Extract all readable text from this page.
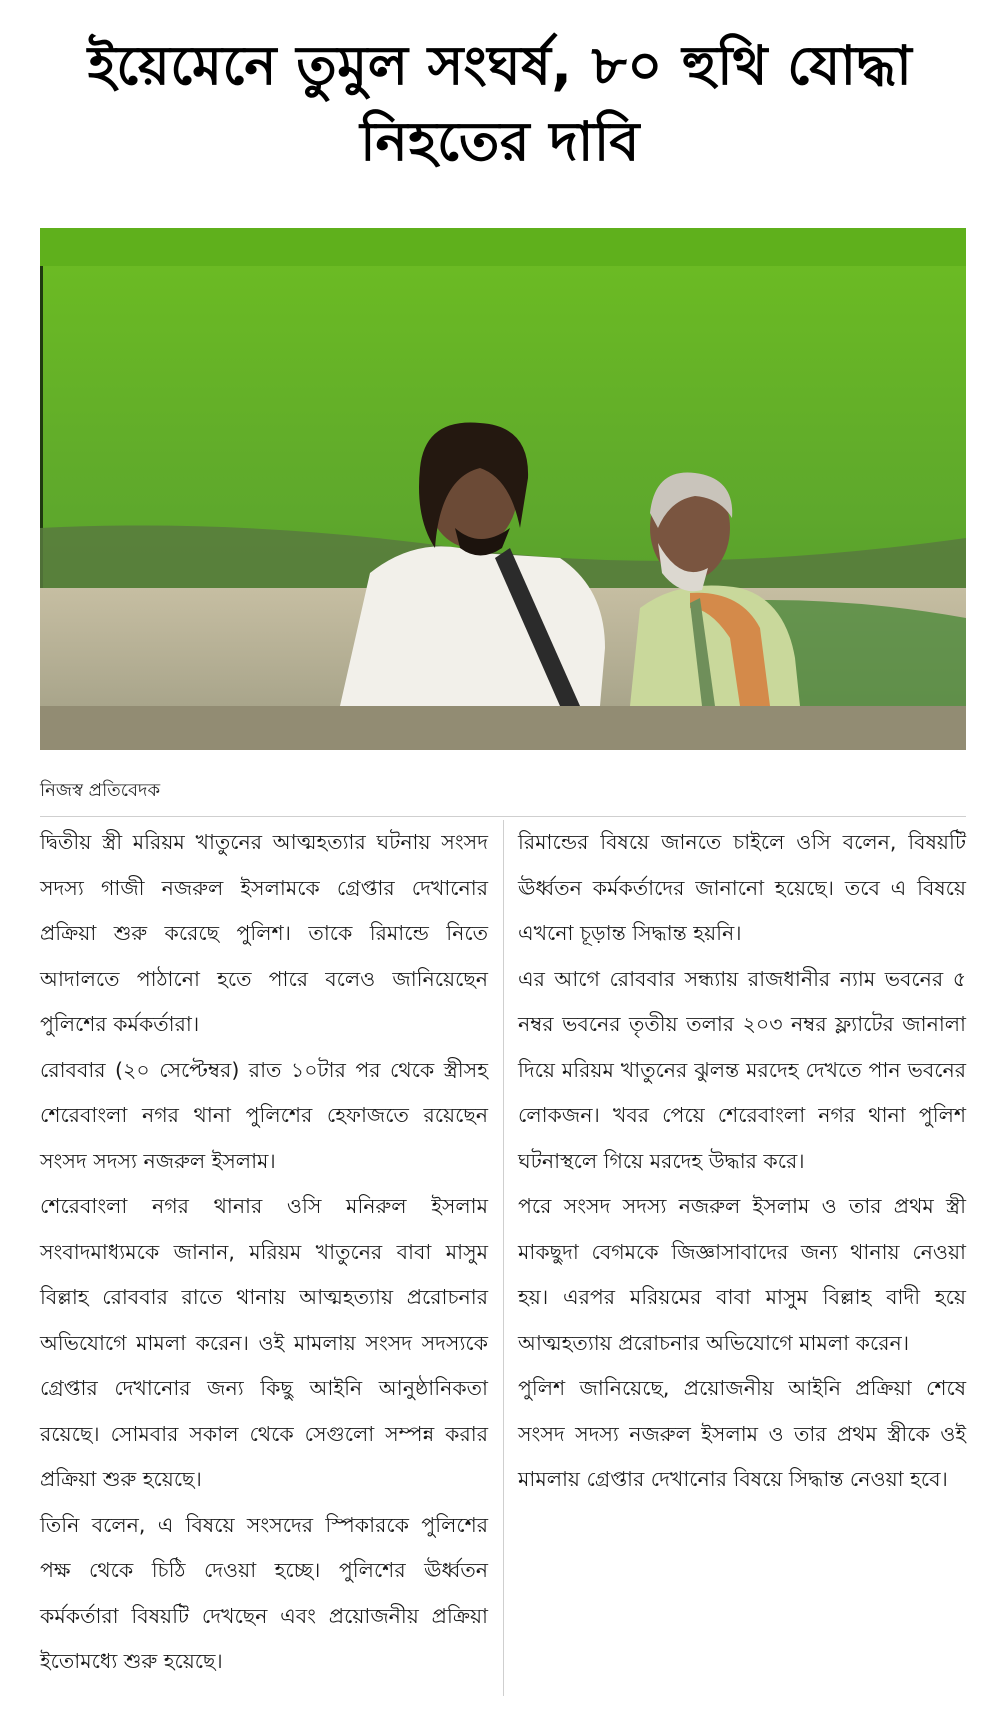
ইয়েমেনে তুমুল সংঘর্ষ, ৮০ হুথি যোদ্ধা
নিহতের দাবি
নিজস্ব প্রতিবেদক

দ্বিতীয় স্ত্রী মরিয়ম খাতুনের আত্মহত্যার ঘটনায় সংসদ সদস্য গাজী নজরুল ইসলামকে গ্রেপ্তার দেখানোর প্রক্রিয়া শুরু করেছে পুলিশ। তাকে রিমান্ডে নিতে আদালতে পাঠানো হতে পারে বলেও জানিয়েছেন পুলিশের কর্মকর্তারা।

রোববার (২০ সেপ্টেম্বর) রাত ১০টার পর থেকে স্ত্রীসহ শেরেবাংলা নগর থানা পুলিশের হেফাজতে রয়েছেন সংসদ সদস্য নজরুল ইসলাম।

শেরেবাংলা নগর থানার ওসি মনিরুল ইসলাম সংবাদমাধ্যমকে জানান, মরিয়ম খাতুনের বাবা মাসুম বিল্লাহ রোববার রাতে থানায় আত্মহত্যায় প্ররোচনার অভিযোগে মামলা করেন। ওই মামলায় সংসদ সদস্যকে গ্রেপ্তার দেখানোর জন্য কিছু আইনি আনুষ্ঠানিকতা রয়েছে। সোমবার সকাল থেকে সেগুলো সম্পন্ন করার প্রক্রিয়া শুরু হয়েছে।

তিনি বলেন, এ বিষয়ে সংসদের স্পিকারকে পুলিশের পক্ষ থেকে চিঠি দেওয়া হচ্ছে। পুলিশের ঊর্ধ্বতন কর্মকর্তারা বিষয়টি দেখছেন এবং প্রয়োজনীয় প্রক্রিয়া ইতোমধ্যে শুরু হয়েছে।

রিমান্ডের বিষয়ে জানতে চাইলে ওসি বলেন, বিষয়টি ঊর্ধ্বতন কর্মকর্তাদের জানানো হয়েছে। তবে এ বিষয়ে এখনো চূড়ান্ত সিদ্ধান্ত হয়নি।

এর আগে রোববার সন্ধ্যায় রাজধানীর ন্যাম ভবনের ৫ নম্বর ভবনের তৃতীয় তলার ২০৩ নম্বর ফ্ল্যাটের জানালা দিয়ে মরিয়ম খাতুনের ঝুলন্ত মরদেহ দেখতে পান ভবনের লোকজন। খবর পেয়ে শেরেবাংলা নগর থানা পুলিশ ঘটনাস্থলে গিয়ে মরদেহ উদ্ধার করে।

পরে সংসদ সদস্য নজরুল ইসলাম ও তার প্রথম স্ত্রী মাকছুদা বেগমকে জিজ্ঞাসাবাদের জন্য থানায় নেওয়া হয়। এরপর মরিয়মের বাবা মাসুম বিল্লাহ বাদী হয়ে আত্মহত্যায় প্ররোচনার অভিযোগে মামলা করেন।

পুলিশ জানিয়েছে, প্রয়োজনীয় আইনি প্রক্রিয়া শেষে সংসদ সদস্য নজরুল ইসলাম ও তার প্রথম স্ত্রীকে ওই মামলায় গ্রেপ্তার দেখানোর বিষয়ে সিদ্ধান্ত নেওয়া হবে।
